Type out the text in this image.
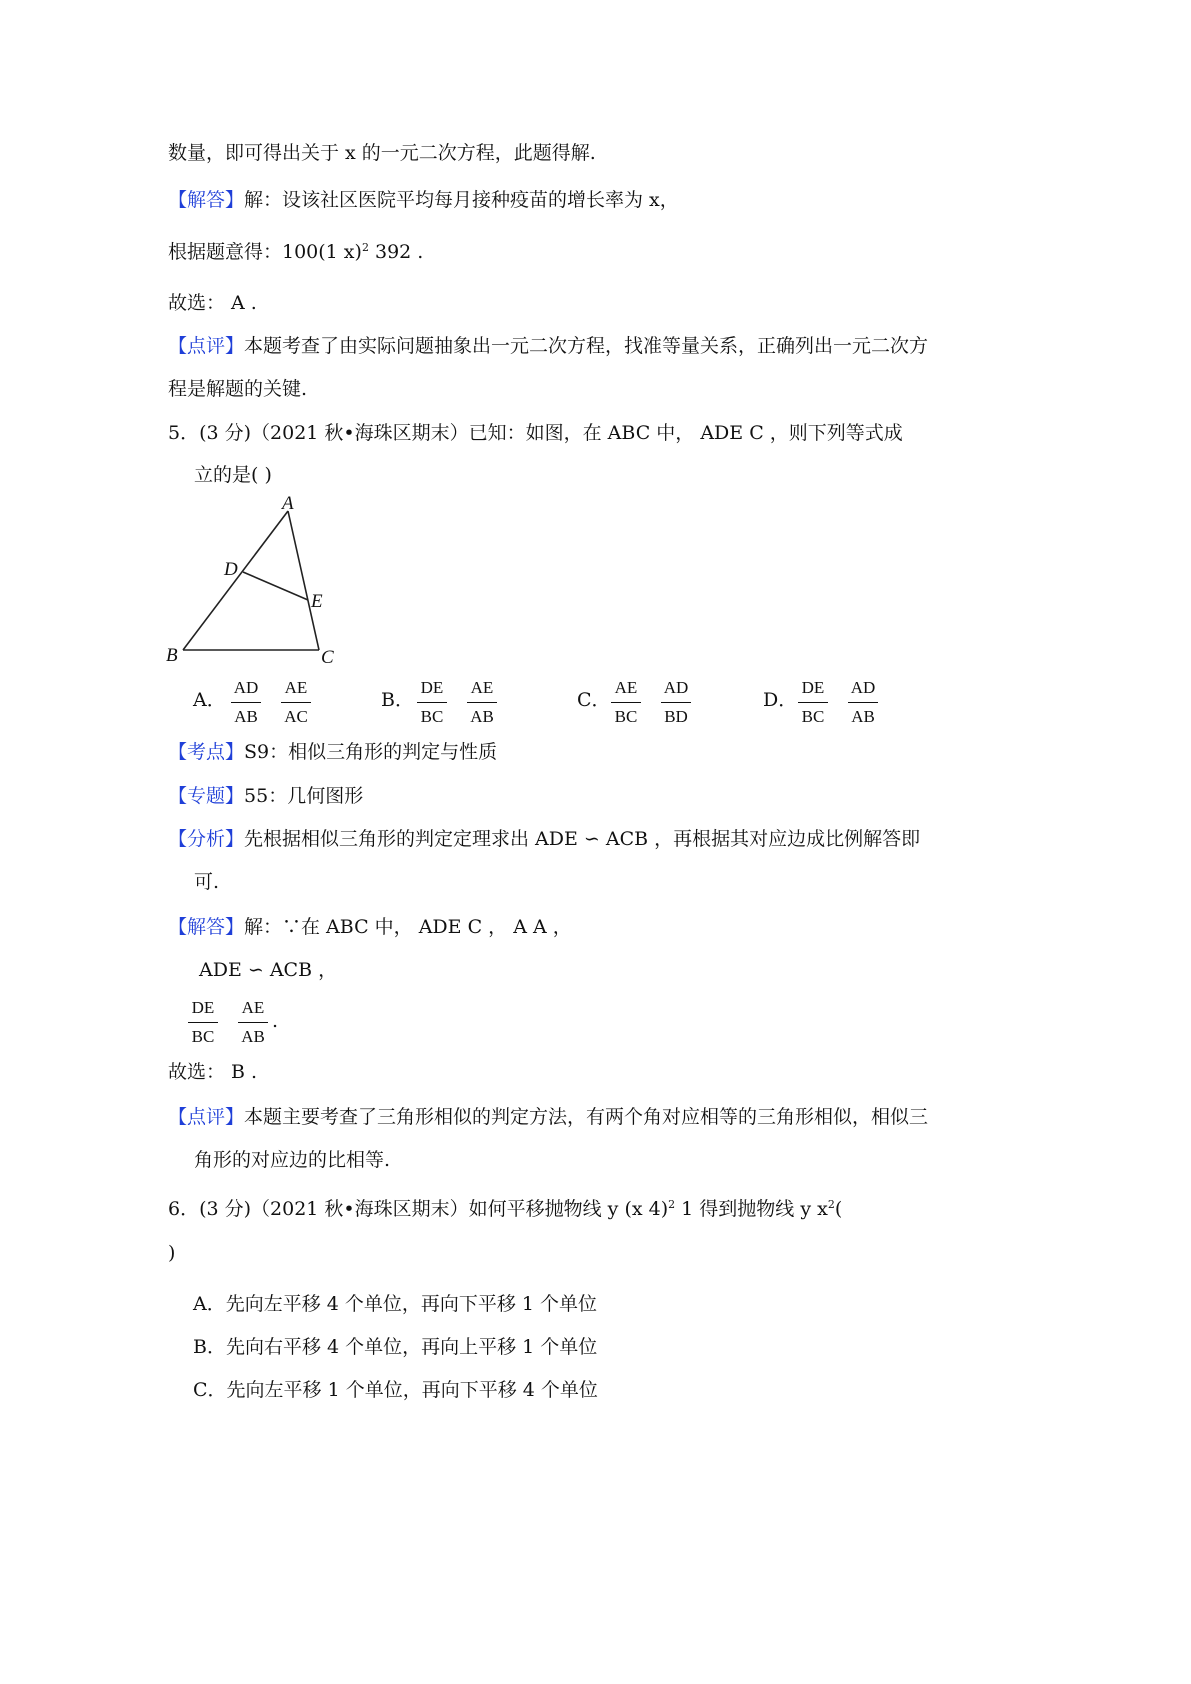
数量，即可得出关于 x 的一元二次方程，此题得解.
【解答】解：设该社区医院平均每月接种疫苗的增长率为 x，
根据题意得：100(1 x)$^2$ 392 .
故选： A .
【点评】本题考查了由实际问题抽象出一元二次方程，找准等量关系，正确列出一元二次方
程是解题的关键.
5．(3 分)（2021 秋•海珠区期末）已知：如图，在 ABC 中， ADE C ，则下列等式成
立的是( )
A
B	C
D
E
A．
AD
AB
AE
AC
B．
DE
BC
AE
AB
C．
AE
BC
AD
BD
D．
DE
BC
AD
AB
【考点】S9：相似三角形的判定与性质
【专题】55：几何图形
【分析】先根据相似三角形的判定定理求出 ADE ∽ ACB ，再根据其对应边成比例解答即
可.
【解答】解：∵在 ABC 中， ADE C ， A A ，
ADE ∽ ACB ，
DE
BC
AE
AB
.
故选： B .
【点评】本题主要考查了三角形相似的判定方法，有两个角对应相等的三角形相似，相似三
角形的对应边的比相等.
6．(3 分)（2021 秋•海珠区期末）如何平移抛物线 y (x 4)$^2$ 1 得到抛物线 y $x^2$(
)
A．先向左平移 4 个单位，再向下平移 1 个单位
B．先向右平移 4 个单位，再向上平移 1 个单位
C．先向左平移 1 个单位，再向下平移 4 个单位
